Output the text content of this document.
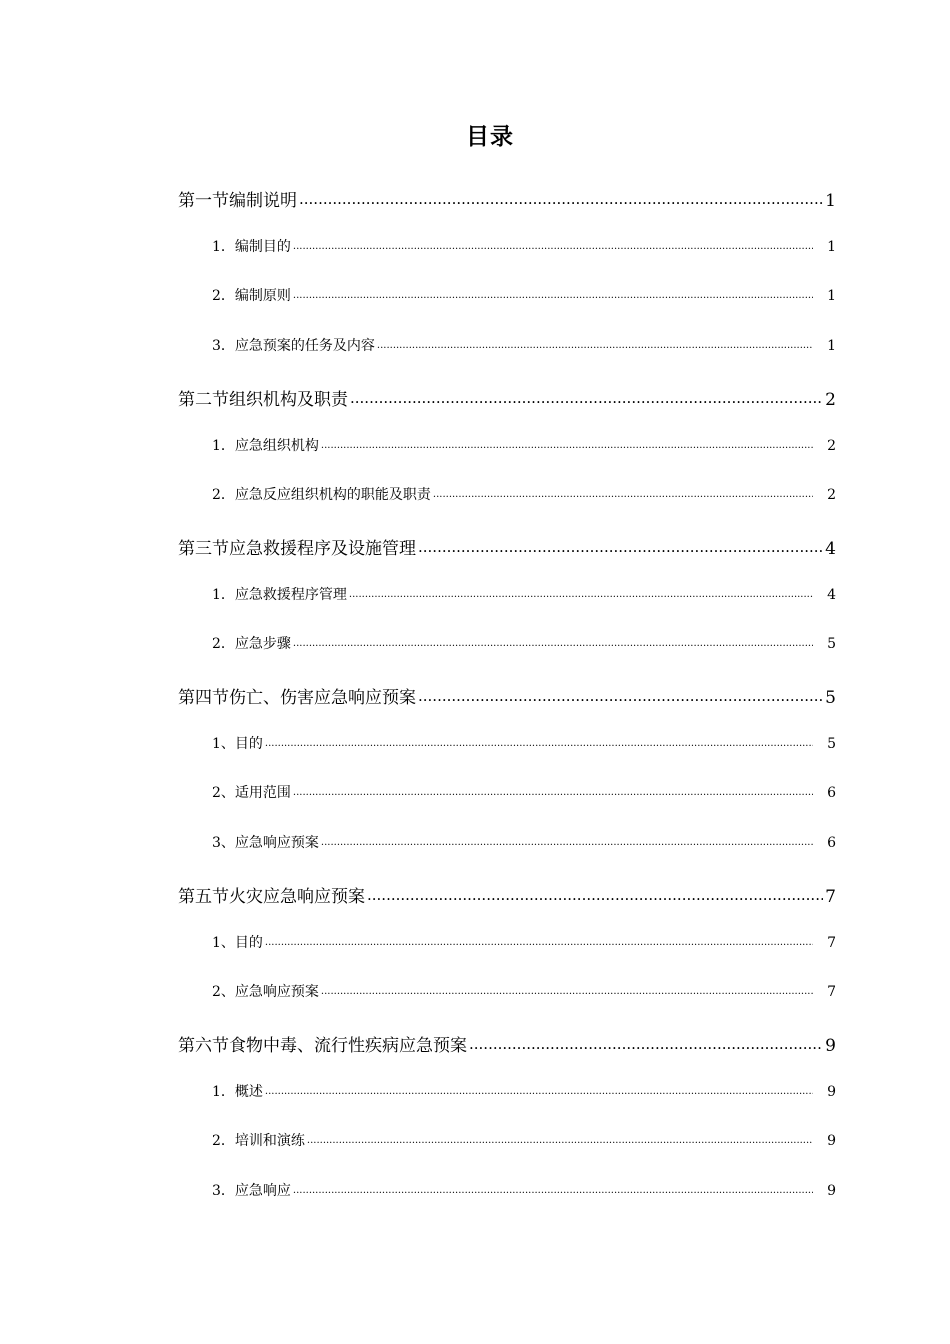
目录
第一节编制说明 .....	1
1．编制目的 .....	1
2．编制原则 .....	1
3．应急预案的任务及内容 .....	1
第二节组织机构及职责 .....	2
1．应急组织机构 .....	2
2．应急反应组织机构的职能及职责 .....	2
第三节应急救援程序及设施管理 .....	4
1．应急救援程序管理 .....	4
2．应急步骤 .....	5
第四节伤亡、伤害应急响应预案 .....	5
1、目的 .....	5
2、适用范围 .....	6
3、应急响应预案 .....	6
第五节火灾应急响应预案 .....	7
1、目的 .....	7
2、应急响应预案 .....	7
第六节食物中毒、流行性疾病应急预案 .....	9
1．概述 .....	9
2．培训和演练 .....	9
3．应急响应 .....	9
